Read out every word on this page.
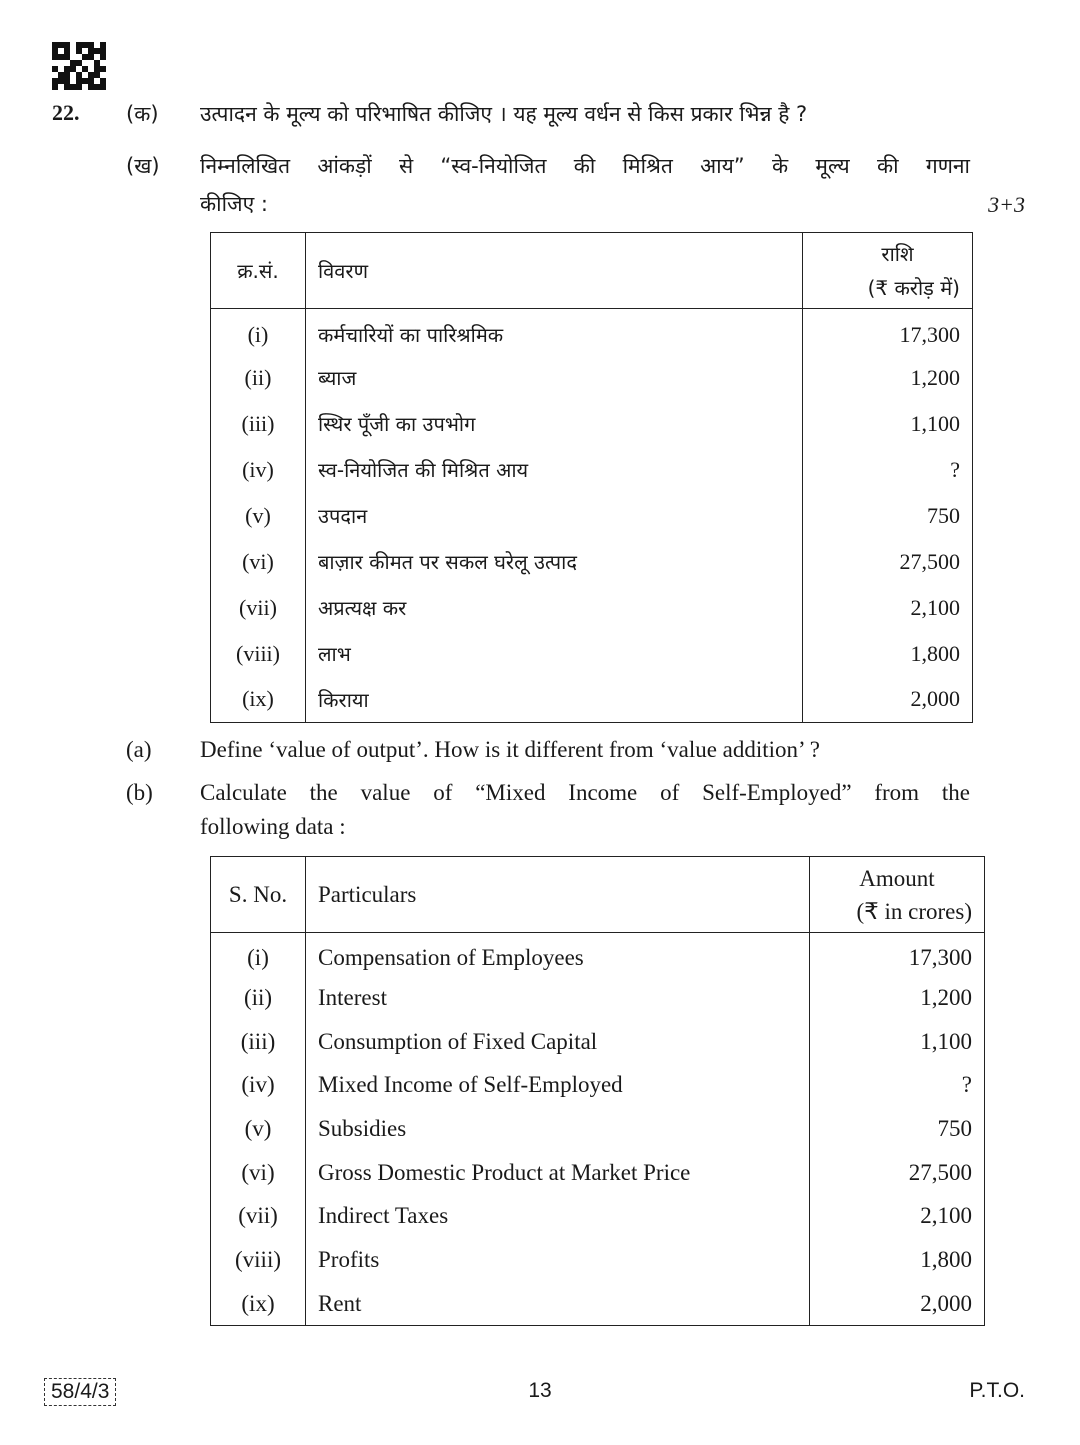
22. (क) उत्पादन के मूल्य को परिभाषित कीजिए । यह मूल्य वर्धन से किस प्रकार भिन्न है ?
(ख) निम्नलिखित आंकड़ों से “स्व-नियोजित की मिश्रित आय” के मूल्य की गणना
कीजिए :	3+3
क्र.सं.	विवरण	राशि
(₹ करोड़ में)

(i)	कर्मचारियों का पारिश्रमिक	17,300
(ii)	ब्याज	1,200
(iii)	स्थिर पूँजी का उपभोग	1,100
(iv)	स्व-नियोजित की मिश्रित आय	?
(v)	उपदान	750
(vi)	बाज़ार कीमत पर सकल घरेलू उत्पाद	27,500
(vii)	अप्रत्यक्ष कर	2,100
(viii)	लाभ	1,800
(ix)	किराया	2,000
(a) Define ‘value of output’. How is it different from ‘value addition’ ?
(b) Calculate the value of “Mixed Income of Self-Employed” from the
following data :
S. No.	Particulars	Amount
(₹ in crores)

(i)	Compensation of Employees	17,300
(ii)	Interest	1,200
(iii)	Consumption of Fixed Capital	1,100
(iv)	Mixed Income of Self-Employed	?
(v)	Subsidies	750
(vi)	Gross Domestic Product at Market Price	27,500
(vii)	Indirect Taxes	2,100
(viii)	Profits	1,800
(ix)	Rent	2,000
58/4/3	13	P.T.O.
